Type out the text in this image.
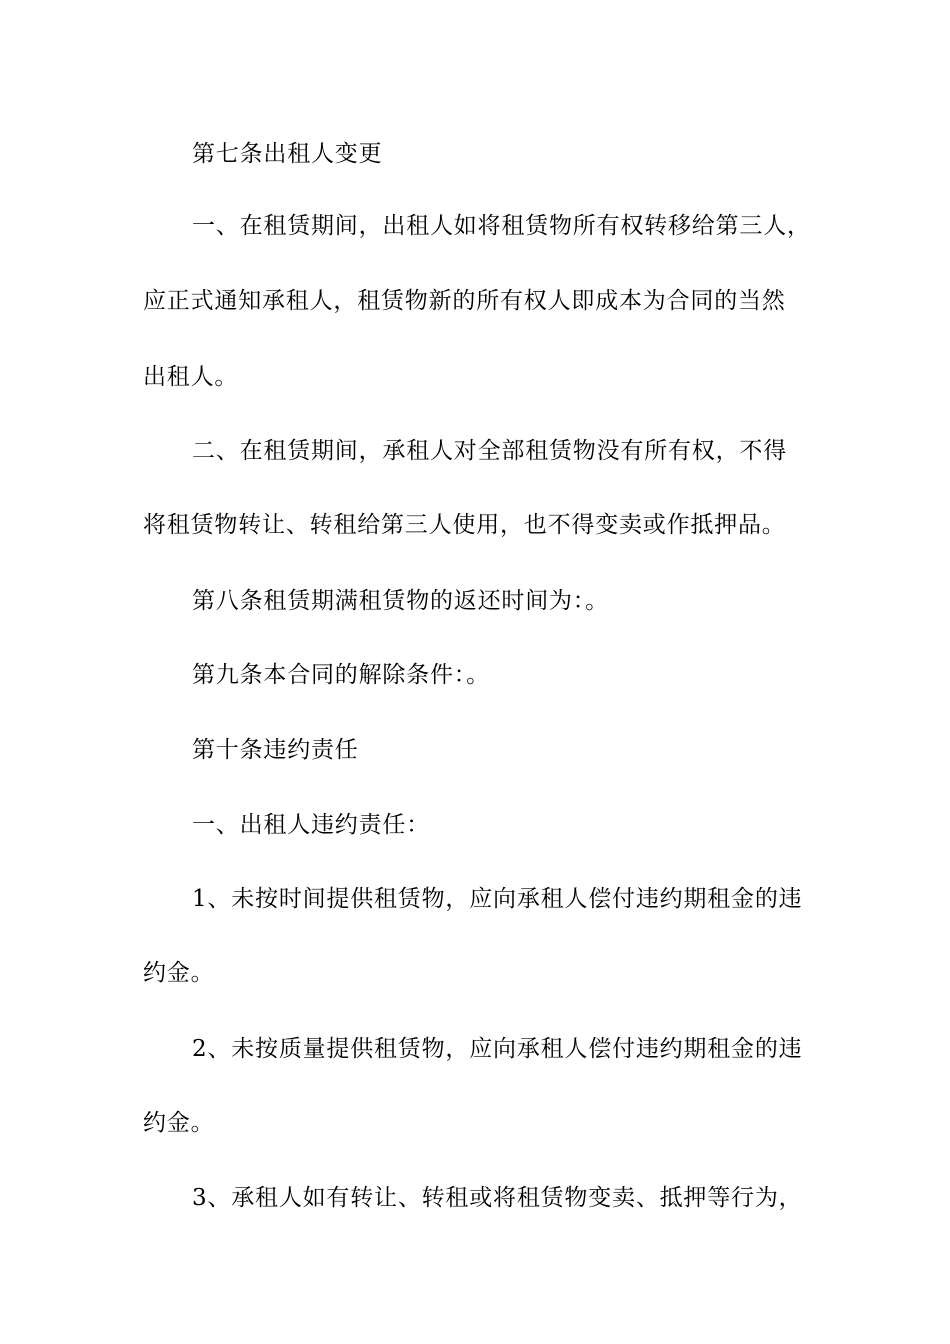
第七条出租人变更
一、在租赁期间，出租人如将租赁物所有权转移给第三人，
应正式通知承租人，租赁物新的所有权人即成本为合同的当然
出租人。
二、在租赁期间，承租人对全部租赁物没有所有权，不得
将租赁物转让、转租给第三人使用，也不得变卖或作抵押品。
第八条租赁期满租赁物的返还时间为：。
第九条本合同的解除条件：。
第十条违约责任
一、出租人违约责任：
1、未按时间提供租赁物，应向承租人偿付违约期租金的违
约金。
2、未按质量提供租赁物，应向承租人偿付违约期租金的违
约金。
3、承租人如有转让、转租或将租赁物变卖、抵押等行为，
